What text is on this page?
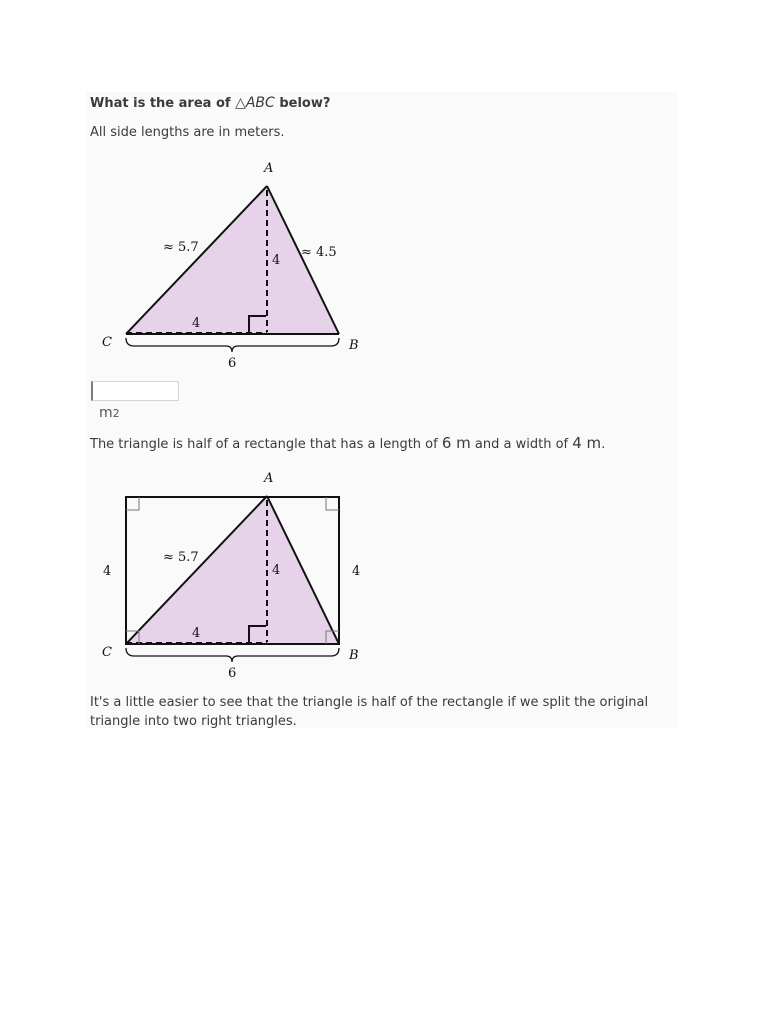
What is the area of △ABC below?
All side lengths are in meters.
A
C	B
≈ 5.7	≈ 4.5
4
4
6
m2
The triangle is half of a rectangle that has a length of 6 m and a width of 4 m.
A
C	B
≈ 5.7
4
4	4
4
6
It's a little easier to see that the triangle is half of the rectangle if we split the original triangle into two right triangles.
